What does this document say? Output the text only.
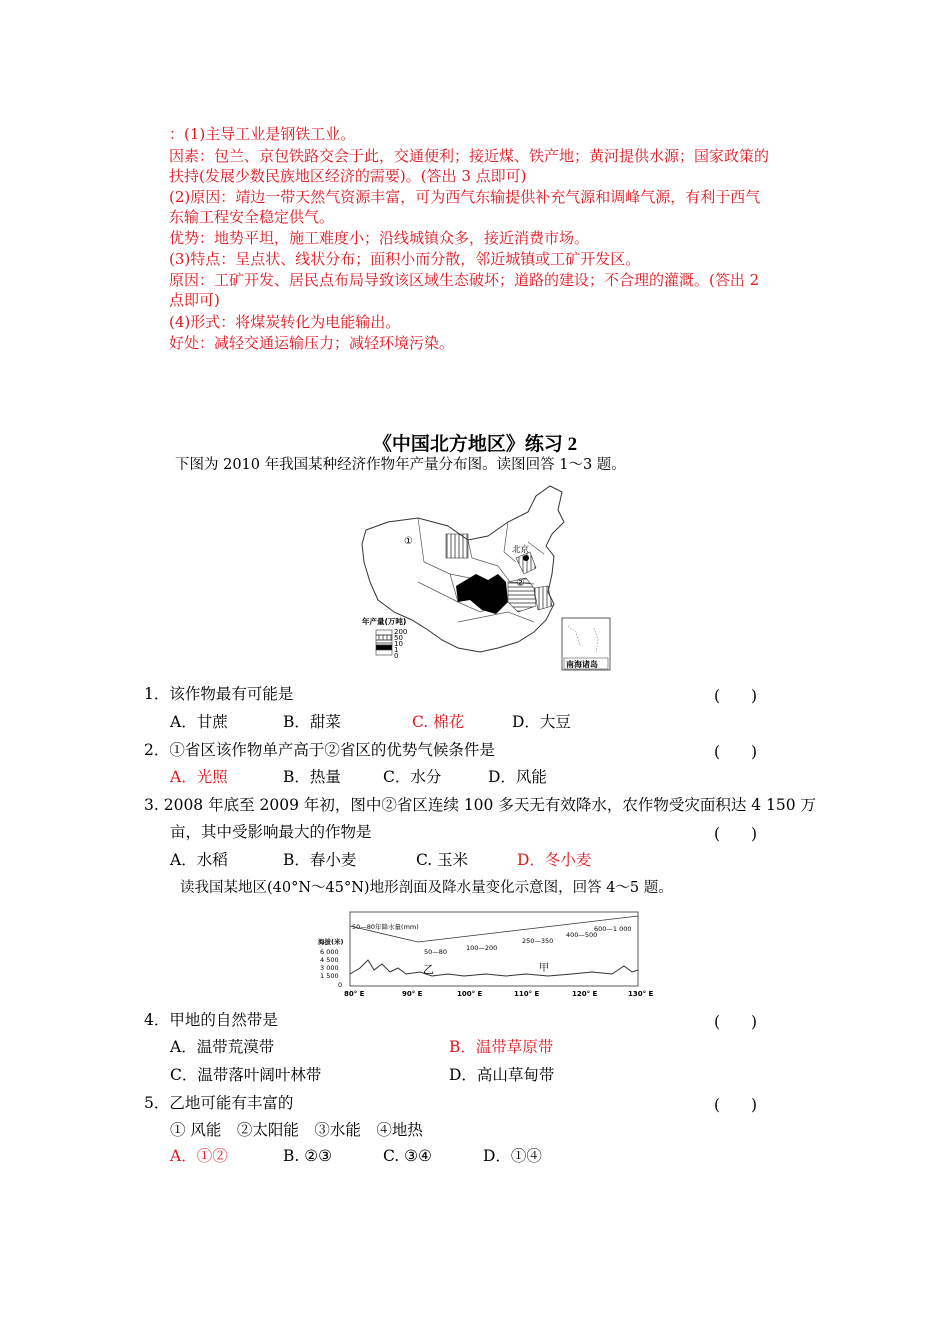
：(1)主导工业是钢铁工业。
因素：包兰、京包铁路交会于此，交通便利；接近煤、铁产地；黄河提供水源；国家政策的
扶持(发展少数民族地区经济的需要)。(答出 3 点即可)
(2)原因：靖边一带天然气资源丰富，可为西气东输提供补充气源和调峰气源，有利于西气
东输工程安全稳定供气。
优势：地势平坦，施工难度小；沿线城镇众多，接近消费市场。
(3)特点：呈点状、线状分布；面积小而分散，邻近城镇或工矿开发区。
原因：工矿开发、居民点布局导致该区域生态破坏；道路的建设；不合理的灌溉。(答出 2
点即可)
(4)形式：将煤炭转化为电能输出。
好处：减轻交通运输压力；减轻环境污染。
《中国北方地区》练习 2
下图为 2010 年我国某种经济作物年产量分布图。读图回答 1～3 题。
①
北京
②
年产量(万吨)
200
50
10
1
0
南海诸岛
1．该作物最有可能是	(　　)
A．甘蔗	B．甜菜	C. 棉花	D．大豆
2．①省区该作物单产高于②省区的优势气候条件是	(　　)
A．光照	B．热量	C．水分	D．风能
3. 2008 年底至 2009 年初，图中②省区连续 100 多天无有效降水，农作物受灾面积达 4 150 万
亩，其中受影响最大的作物是	(　　)
A．水稻	B．春小麦	C. 玉米	D．冬小麦
读我国某地区(40°N～45°N)地形剖面及降水量变化示意图，回答 4～5 题。
50—80年降水量(mm)
50—80	100—200
250—350
400—500
600—1 000
乙	甲
海拔(米)
6 000
4 500
3 000
1 500
0
80° E	90° E	100° E	110° E	120° E	130° E
4．甲地的自然带是	(　　)
A．温带荒漠带	B．温带草原带
C．温带落叶阔叶林带	D．高山草甸带
5．乙地可能有丰富的	(　　)
① 风能　②太阳能　③水能　④地热
A．①②	B. ②③	C. ③④	D．①④
